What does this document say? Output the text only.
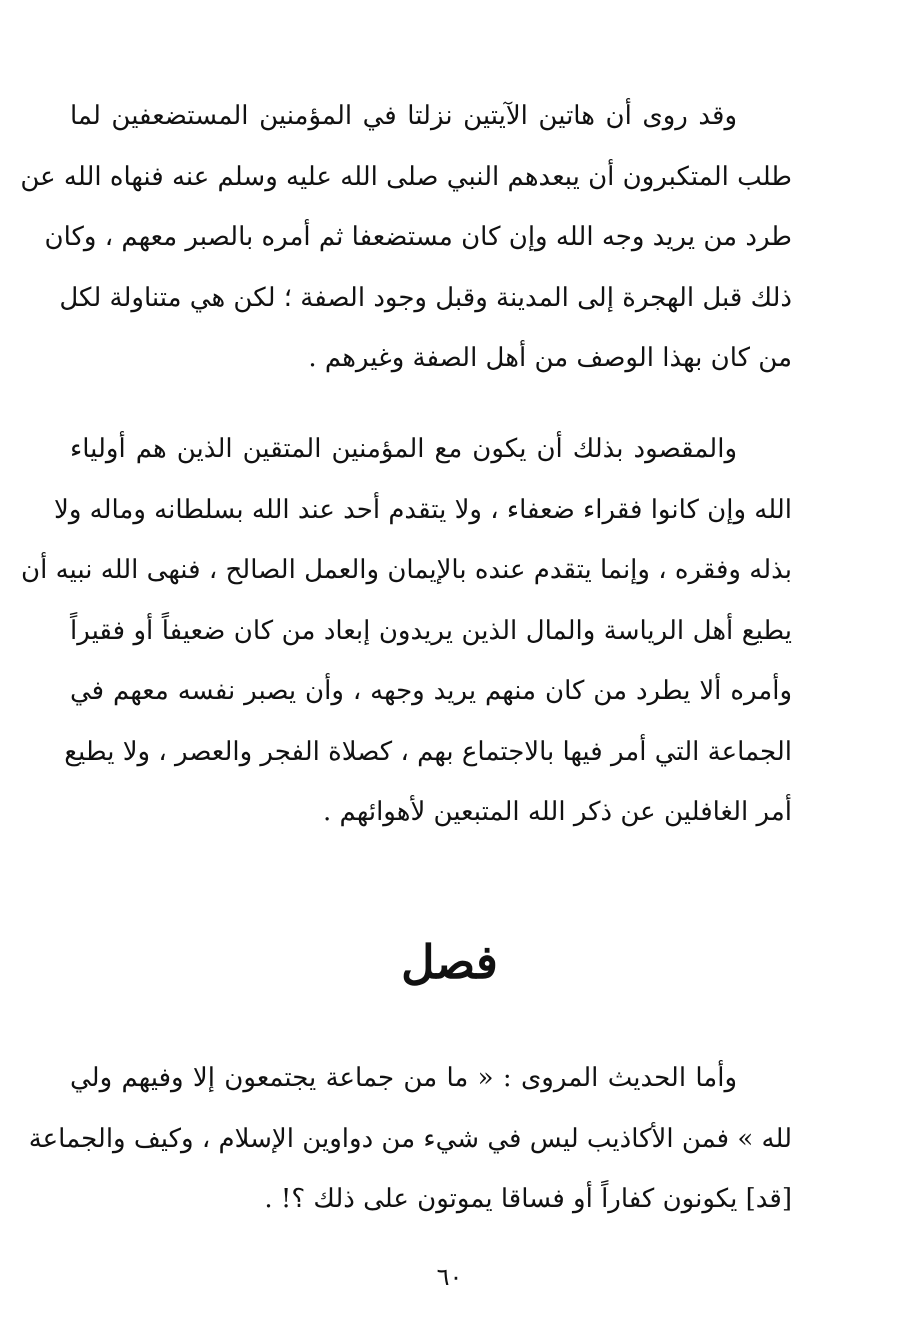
وقد روى أن هاتين الآيتين نزلتا في المؤمنين المستضعفين لما
طلب المتكبرون أن يبعدهم النبي صلى الله عليه وسلم عنه فنهاه الله عن
طرد من يريد وجه الله وإن كان مستضعفا ثم أمره بالصبر معهم ، وكان
ذلك قبل الهجرة إلى المدينة وقبل وجود الصفة ؛ لكن هي متناولة لكل
من كان بهذا الوصف من أهل الصفة وغيرهم .
والمقصود بذلك أن يكون مع المؤمنين المتقين الذين هم أولياء
الله وإن كانوا فقراء ضعفاء ، ولا يتقدم أحد عند الله بسلطانه وماله ولا
بذله وفقره ، وإنما يتقدم عنده بالإيمان والعمل الصالح ، فنهى الله نبيه أن
يطيع أهل الرياسة والمال الذين يريدون إبعاد من كان ضعيفاً أو فقيراً
وأمره ألا يطرد من كان منهم يريد وجهه ، وأن يصبر نفسه معهم في
الجماعة التي أمر فيها بالاجتماع بهم ، كصلاة الفجر والعصر ، ولا يطيع
أمر الغافلين عن ذكر الله المتبعين لأهوائهم .
فصل
وأما الحديث المروى : « ما من جماعة يجتمعون إلا وفيهم ولي
لله » فمن الأكاذيب ليس في شيء من دواوين الإسلام ، وكيف والجماعة
[قد] يكونون كفاراً أو فساقا يموتون على ذلك ؟! .
٦٠
